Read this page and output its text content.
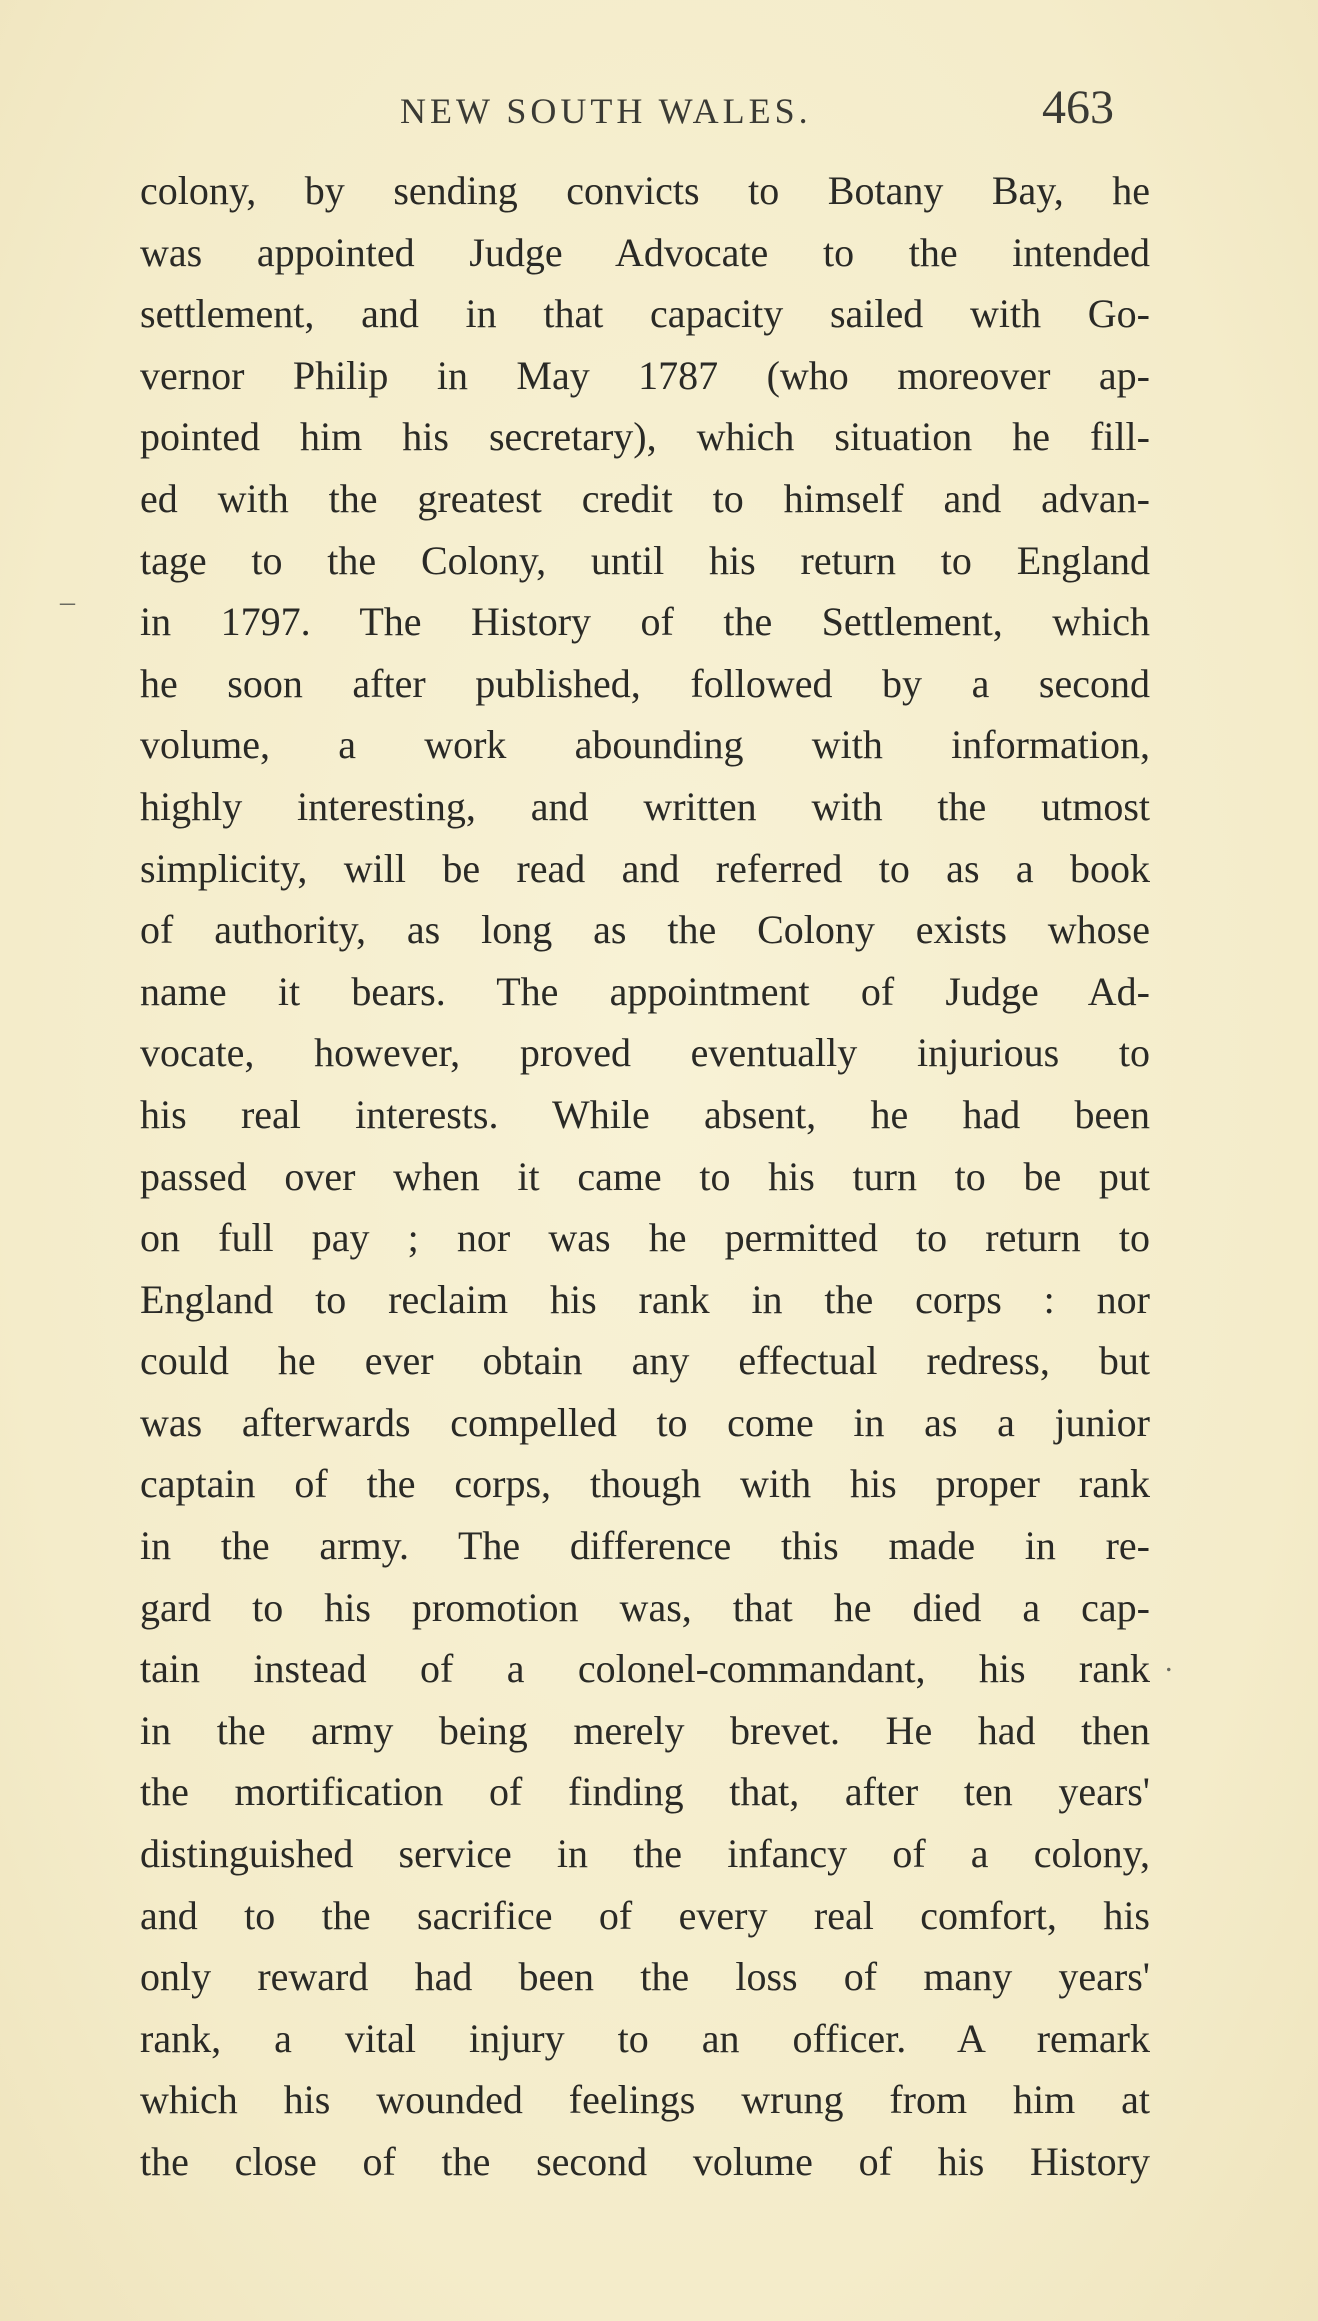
NEW SOUTH WALES.	463
–
.
colony, by sending convicts to Botany Bay, he
was appointed Judge Advocate to the intended
settlement, and in that capacity sailed with Go-
vernor Philip in May 1787 (who moreover ap-
pointed him his secretary), which situation he fill-
ed with the greatest credit to himself and advan-
tage to the Colony, until his return to England
in 1797. The History of the Settlement, which
he soon after published, followed by a second
volume, a work abounding with information,
highly interesting, and written with the utmost
simplicity, will be read and referred to as a book
of authority, as long as the Colony exists whose
name it bears. The appointment of Judge Ad-
vocate, however, proved eventually injurious to
his real interests. While absent, he had been
passed over when it came to his turn to be put
on full pay ; nor was he permitted to return to
England to reclaim his rank in the corps : nor
could he ever obtain any effectual redress, but
was afterwards compelled to come in as a junior
captain of the corps, though with his proper rank
in the army. The difference this made in re-
gard to his promotion was, that he died a cap-
tain instead of a colonel-commandant, his rank
in the army being merely brevet. He had then
the mortification of finding that, after ten years'
distinguished service in the infancy of a colony,
and to the sacrifice of every real comfort, his
only reward had been the loss of many years'
rank, a vital injury to an officer. A remark
which his wounded feelings wrung from him at
the close of the second volume of his History
